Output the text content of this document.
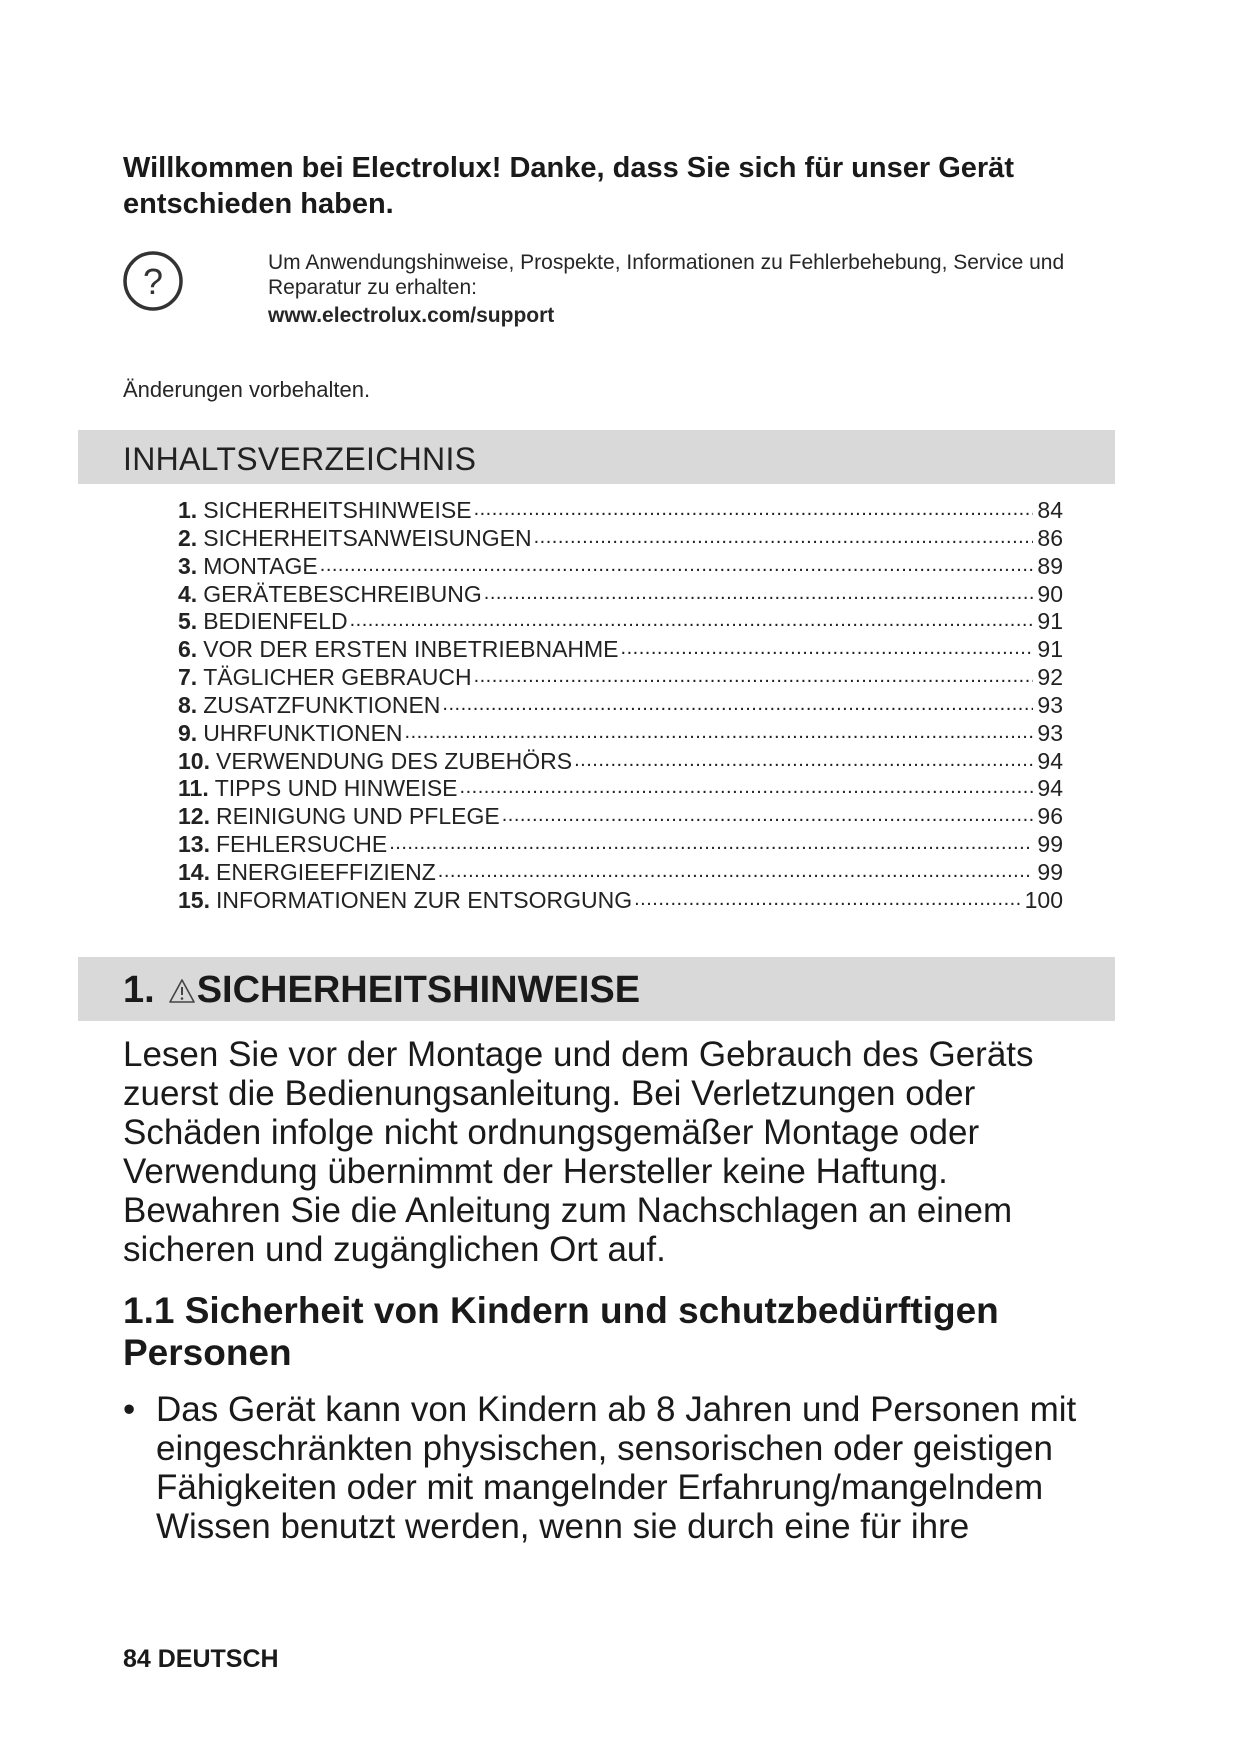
Willkommen bei Electrolux! Danke, dass Sie sich für unser Gerät entschieden haben.
?	Um Anwendungshinweise, Prospekte, Informationen zu Fehlerbehebung, Service und Reparatur zu erhalten:
www.electrolux.com/support
Änderungen vorbehalten.
INHALTSVERZEICHNIS
1. SICHERHEITSHINWEISE .....	84
2. SICHERHEITSANWEISUNGEN .....	86
3. MONTAGE .....	89
4. GERÄTEBESCHREIBUNG .....	90
5. BEDIENFELD .....	91
6. VOR DER ERSTEN INBETRIEBNAHME .....	91
7. TÄGLICHER GEBRAUCH .....	92
8. ZUSATZFUNKTIONEN .....	93
9. UHRFUNKTIONEN .....	93
10. VERWENDUNG DES ZUBEHÖRS .....	94
11. TIPPS UND HINWEISE .....	94
12. REINIGUNG UND PFLEGE .....	96
13. FEHLERSUCHE .....	99
14. ENERGIEEFFIZIENZ .....	99
15. INFORMATIONEN ZUR ENTSORGUNG .....	100
1. SICHERHEITSHINWEISE

Lesen Sie vor der Montage und dem Gebrauch des Geräts zuerst die Bedienungsanleitung. Bei Verletzungen oder Schäden infolge nicht ordnungsgemäßer Montage oder Verwendung übernimmt der Hersteller keine Haftung. Bewahren Sie die Anleitung zum Nachschlagen an einem sicheren und zugänglichen Ort auf.

1.1 Sicherheit von Kindern und schutzbedürftigen Personen

• Das Gerät kann von Kindern ab 8 Jahren und Personen mit eingeschränkten physischen, sensorischen oder geistigen Fähigkeiten oder mit mangelnder Erfahrung/mangelndem Wissen benutzt werden, wenn sie durch eine für ihre

84 DEUTSCH
